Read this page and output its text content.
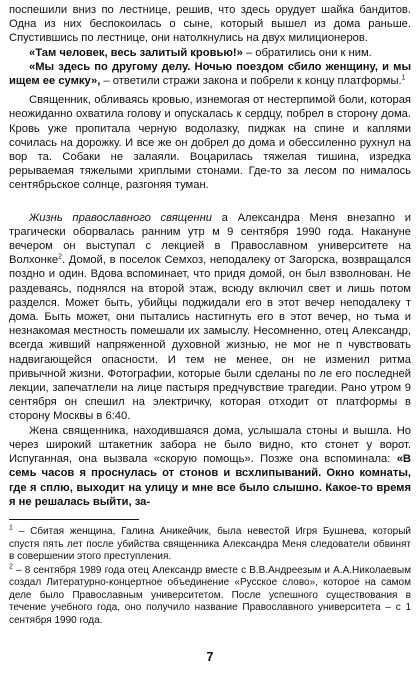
поспешили вниз по лестнице, решив, что здесь орудует шайка бандитов. Одна из них беспокоилась о сыне, который вышел из дома раньше. Спустившись по лестнице, они натолкнулись на двух милиционеров.

«Там человек, весь залитый кровью!» – обратились они к ним.

«Мы здесь по другому делу. Ночью поездом сбило женщину, и мы ищем ее сумку», – ответили стражи закона и побрели к концу платформы.$^1$

Священник, обливаясь кровью, изнемогая от нестерпимой боли, которая неожиданно охватила голову и опускалась к сердцу, побрел в сторону дома. Кровь уже пропитала черную водолазку, пиджак на спине и каплями сочилась на дорожку. И все же он добрел до дома и обессиленно рухнул на вор та. Собаки не залаяли. Воцарилась тяжелая тишина, изредка рерываемая тяжелыми хриплыми стонами. Где-то за лесом по нималось сентябрьское солнце, разгоняя туман.

Жизнь православного священни а Александра Меня внезапно и трагически оборвалась ранним утр м 9 сентября 1990 года. Накануне вечером он выступал с лекцией в Православном университете на Волхонке$^2$. Домой, в поселок Семхоз, неподалеку от Загорска, возвращался поздно и один. Вдова вспоминает, что придя домой, он был взволнован. Не раздеваясь, поднялся на второй этаж, всюду включил свет и лишь потом разделся. Может быть, убийцы поджидали его в этот вечер неподалеку т дома. Быть может, они пытались настигнуть его в этот вечер, но тьма и незнакомая местность помешали их замыслу. Несомненно, отец Александр, всегда живший напряженной духовной жизнью, не мог не п чувствовать надвигающейся опасности. И тем не менее, он не изменил ритма привычной жизни. Фотографии, которые были сделаны по ле его последней лекции, запечатлели на лице пастыря предчувствие трагедии. Рано утром 9 сентября он спешил на электричку, которая отходит от платформы в сторону Москвы в 6:40.

Жена священника, находившаяся дома, услышала стоны и вышла. Но через широкий штакетник забора не было видно, кто стонет у ворот. Испуганная, она вызвала «скорую помощь». Позже она вспоминала: «В семь часов я проснулась от стонов и всхлипываний. Окно комнаты, где я сплю, выходит на улицу и мне все было слышно. Какое-то время я не решалась выйти, за-

$^1$ – Сбитая женщина, Галина Аникейчик, была невестой Игря Бушнева, который спустя пять лет после убийства священника Александра Меня следователи обвинят в совершении этого преступления.

$^2$ – 8 сентября 1989 года отец Александр вместе с В.В.Андреезым и А.А.Николаевым создал Литературно-концертное объединение «Русское слово», которое на самом деле было Православным университетом. После успешного существования в течение учебного года, оно получило название Православного университета – с 1 сентября 1990 года.

7
